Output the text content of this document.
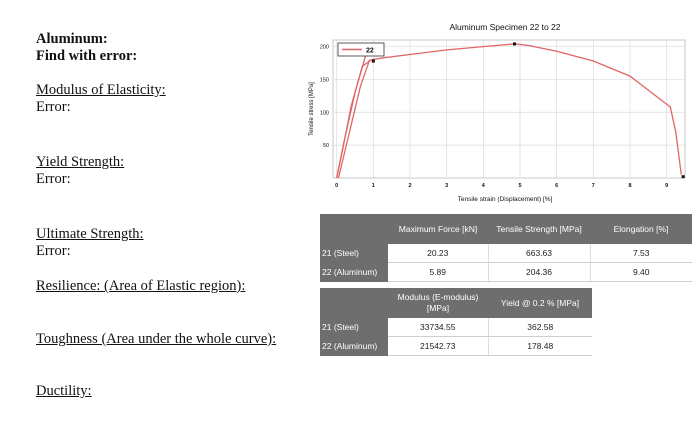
Aluminum:
Find with error:
Modulus of Elasticity:
Error:
Yield Strength:
Error:
Ultimate Strength:
Error:
Resilience: (Area of Elastic region):
Toughness (Area under the whole curve):
Ductility:
Aluminum Specimen 22 to 22
50
100
150
200
0	1	2	3	4	5	6	7	8	9
22
Tensile strain (Displacement) [%]
Tensile stress [MPa]
	Maximum Force [kN]	Tensile Strength [MPa]	Elongation [%]
21 (Steel)	20.23	663.63	7.53
22 (Aluminum)	5.89	204.36	9.40
	Modulus (E-modulus) [MPa]	Yield @ 0.2 % [MPa]
21 (Steel)	33734.55	362.58
22 (Aluminum)	21542.73	178.48
